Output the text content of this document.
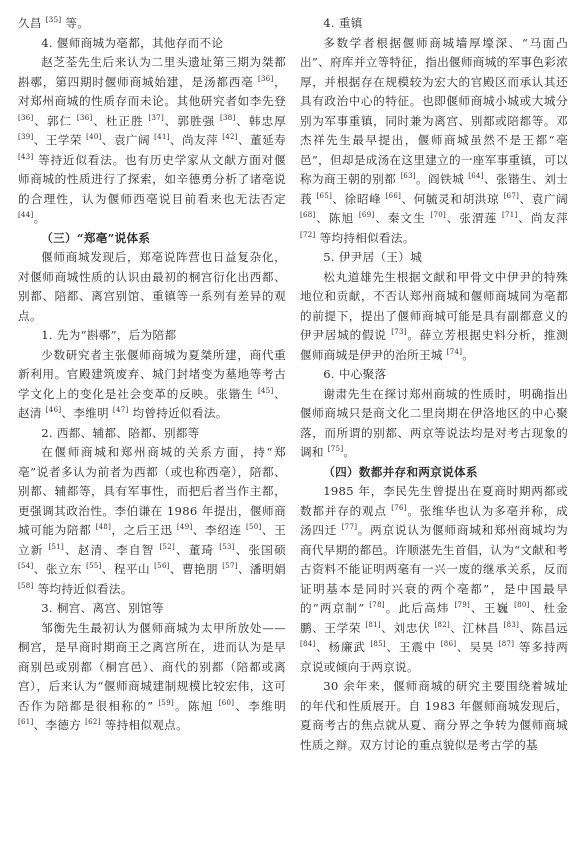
久昌 [35] 等。

4. 偃师商城为亳都，其他存而不论

赵芝荃先生后来认为二里头遗址第三期为桀都斟鄩，第四期时偃师商城始建，是汤都西亳 [36]，对郑州商城的性质存而未论。其他研究者如李先登 [36]、郭仁 [36]、杜正胜 [37]、郭胜强 [38]、韩忠厚 [39]、王学荣 [40]、袁广阔 [41]、尚友萍 [42]、董延寿 [43] 等持近似看法。也有历史学家从文献方面对偃师商城的性质进行了探索，如辛德勇分析了诸亳说的合理性，认为偃师西亳说目前看来也无法否定 [44]。

（三）“郑亳”说体系

偃师商城发现后，郑亳说阵营也日益复杂化，对偃师商城性质的认识由最初的桐宫衍化出西都、别都、陪都、离宫别馆、重镇等一系列有差异的观点。

1. 先为“斟鄩”，后为陪都

少数研究者主张偃师商城为夏桀所建，商代重新利用。官殿建筑废弃、城门封堵变为墓地等考古学文化上的变化是社会变革的反映。张锴生 [45]、赵清 [46]、李维明 [47] 均曾持近似看法。

2. 西都、辅都、陪都、别都等

在偃师商城和郑州商城的关系方面，持“郑亳”说者多认为前者为西都（或也称西亳），陪都、别都、辅都等，具有军事性，而把后者当作主都，更强调其政治性。李伯谦在 1986 年提出，偃师商城可能为陪都 [48]，之后王迅 [49]、李绍连 [50]、王立新 [51]、赵清、李自智 [52]、董琦 [53]、张国硕 [54]、张立东 [55]、程平山 [56]、曹艳朋 [57]、潘明娟 [58] 等均持近似看法。

3. 桐宫、离宫、别馆等

邹衡先生最初认为偃师商城为太甲所放处——桐宫，是早商时期商王之离宫所在，进而认为是早商别邑或别都（桐宫邑）、商代的别都（陪都或离宫），后来认为“偃师商城建制规模比较宏伟，这可否作为陪都是很相称的” [59]。陈旭 [60]、李维明 [61]、李德方 [62] 等持相似观点。

4. 重镇

多数学者根据偃师商城墙厚壕深、“马面凸出”、府库并立等特征，指出偃师商城的军事色彩浓厚，并根据存在规模较为宏大的官殿区而承认其还具有政治中心的特征。也即偃师商城小城或大城分别为军事重镇，同时兼为离宫、别都或陪都等。邓杰祥先生最早提出，偃师商城虽然不是王都“亳邑”，但却是成汤在这里建立的一座军事重镇，可以称为商王朝的别都 [63]。阎铁城 [64]、张锴生、刘士莪 [65]、徐昭峰 [66]、何毓灵和胡洪琼 [67]、袁广阔 [68]、陈旭 [69]、秦文生 [70]、张渭莲 [71]、尚友萍 [72] 等均持相似看法。

5. 伊尹居（王）城

松丸道雄先生根据文献和甲骨文中伊尹的特殊地位和贡献，不否认郑州商城和偃师商城同为亳都的前提下，提出了偃师商城可能是具有副都意义的伊尹居城的假说 [73]。薛立芳根据史料分析，推测偃师商城是伊尹的治所王城 [74]。

6. 中心聚落

谢肃先生在探讨郑州商城的性质时，明确指出偃师商城只是商文化二里岗期在伊洛地区的中心聚落，而所谓的别都、两京等说法均是对考古现象的调和 [75]。

（四）数都并存和两京说体系

1985 年，李民先生曾提出在夏商时期两都或数都并存的观点 [76]。张维华也认为多亳并称，成汤四迁 [77]。两京说认为偃师商城和郑州商城均为商代早期的都邑。许顺湛先生首倡，认为“文献和考古资料不能证明两毫有一兴一废的继承关系，反而证明基本是同时兴衰的两个亳都”，是中国最早的“两京制” [78]。此后高炜 [79]、王巍 [80]、杜金鹏、王学荣 [81]、刘忠伏 [82]、江林昌 [83]、陈昌远 [84]、杨廉武 [85]、王震中 [86]、吴昊 [87] 等多持两京说或倾向于两京说。

30 余年来，偃师商城的研究主要围绕着城址的年代和性质展开。自 1983 年偃师商城发现后，夏商考古的焦点就从夏、商分界之争转为偃师商城性质之辩。双方讨论的重点貌似是考古学的基
